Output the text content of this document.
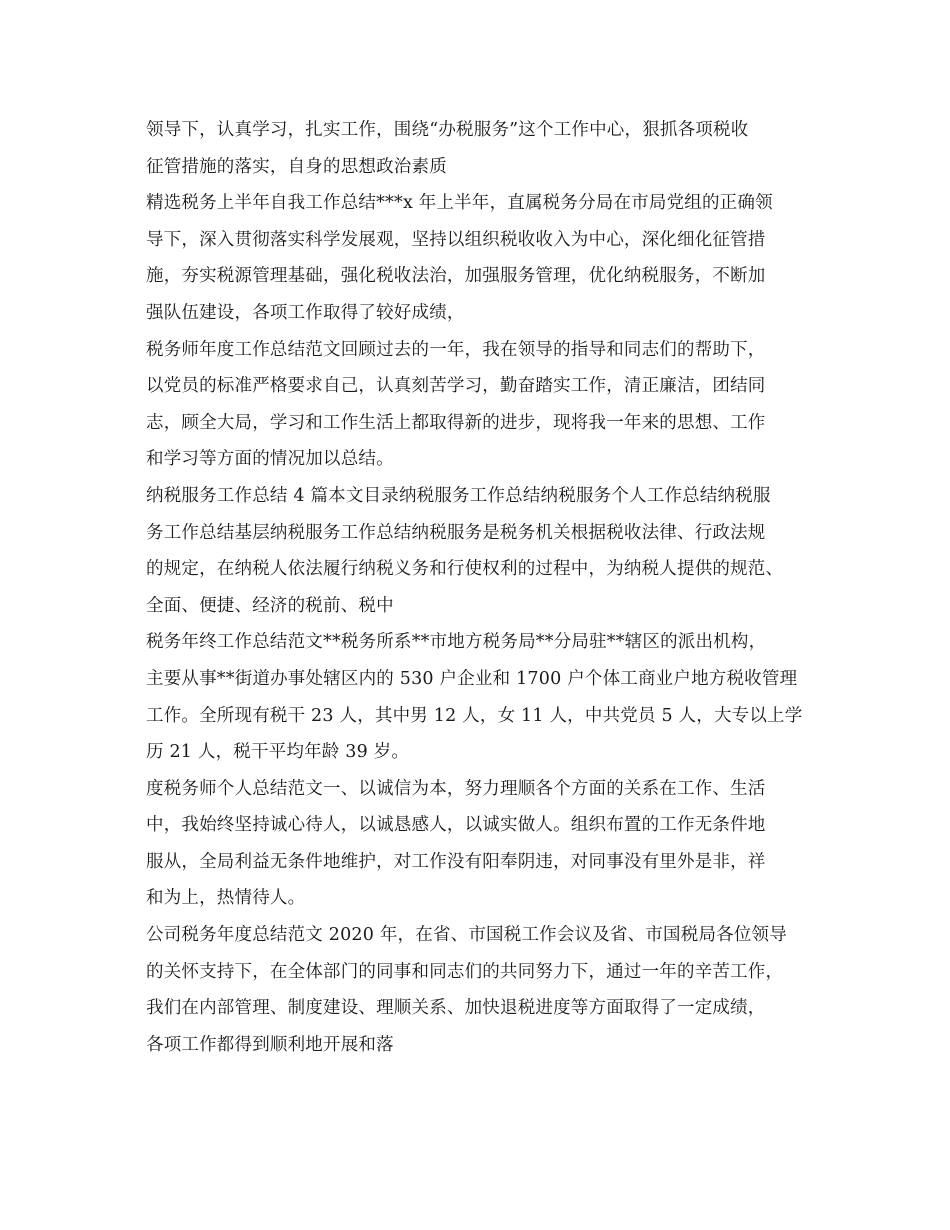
领导下，认真学习，扎实工作，围绕“办税服务”这个工作中心，狠抓各项税收
征管措施的落实，自身的思想政治素质
精选税务上半年自我工作总结***x 年上半年，直属税务分局在市局党组的正确领
导下，深入贯彻落实科学发展观，坚持以组织税收收入为中心，深化细化征管措
施，夯实税源管理基础，强化税收法治，加强服务管理，优化纳税服务，不断加
强队伍建设，各项工作取得了较好成绩，
税务师年度工作总结范文回顾过去的一年，我在领导的指导和同志们的帮助下，
以党员的标准严格要求自己，认真刻苦学习，勤奋踏实工作，清正廉洁，团结同
志，顾全大局，学习和工作生活上都取得新的进步，现将我一年来的思想、工作
和学习等方面的情况加以总结。
纳税服务工作总结 4 篇本文目录纳税服务工作总结纳税服务个人工作总结纳税服
务工作总结基层纳税服务工作总结纳税服务是税务机关根据税收法律、行政法规
的规定，在纳税人依法履行纳税义务和行使权利的过程中，为纳税人提供的规范、
全面、便捷、经济的税前、税中
税务年终工作总结范文**税务所系**市地方税务局**分局驻**辖区的派出机构，
主要从事**街道办事处辖区内的 530 户企业和 1700 户个体工商业户地方税收管理
工作。全所现有税干 23 人，其中男 12 人，女 11 人，中共党员 5 人，大专以上学
历 21 人，税干平均年龄 39 岁。
度税务师个人总结范文一、以诚信为本，努力理顺各个方面的关系在工作、生活
中，我始终坚持诚心待人，以诚恳感人，以诚实做人。组织布置的工作无条件地
服从，全局利益无条件地维护，对工作没有阳奉阴违，对同事没有里外是非，祥
和为上，热情待人。
公司税务年度总结范文 2020 年，在省、市国税工作会议及省、市国税局各位领导
的关怀支持下，在全体部门的同事和同志们的共同努力下，通过一年的辛苦工作，
我们在内部管理、制度建设、理顺关系、加快退税进度等方面取得了一定成绩，
各项工作都得到顺利地开展和落
